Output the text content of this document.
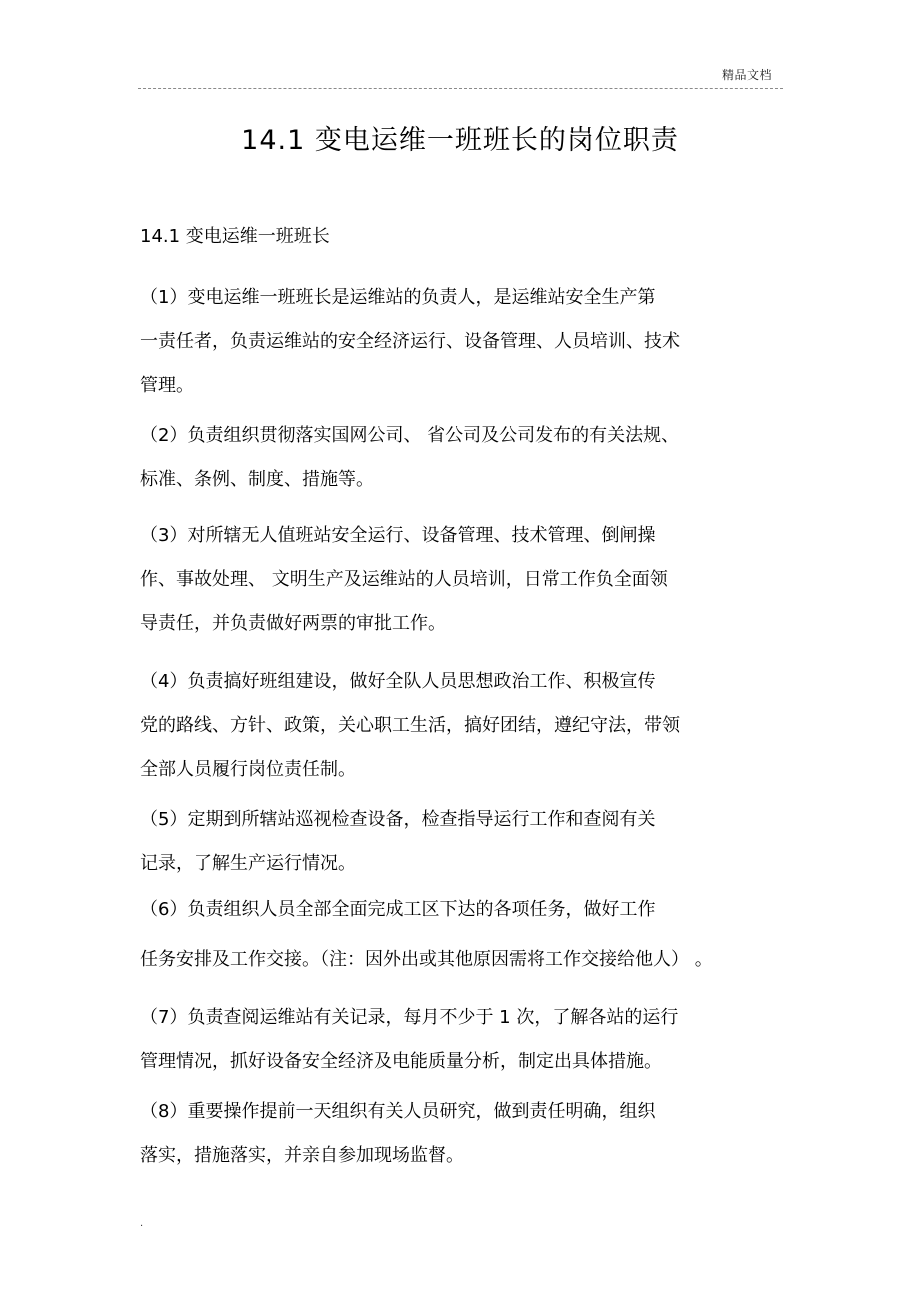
精品文档
14.1 变电运维一班班长的岗位职责
14.1 变电运维一班班长
（1）变电运维一班班长是运维站的负责人，是运维站安全生产第
一责任者，负责运维站的安全经济运行、设备管理、人员培训、技术
管理。
（2）负责组织贯彻落实国网公司、 省公司及公司发布的有关法规、
标准、条例、制度、措施等。
（3）对所辖无人值班站安全运行、设备管理、技术管理、倒闸操
作、事故处理、 文明生产及运维站的人员培训，日常工作负全面领
导责任，并负责做好两票的审批工作。
（4）负责搞好班组建设，做好全队人员思想政治工作、积极宣传
党的路线、方针、政策，关心职工生活，搞好团结，遵纪守法，带领
全部人员履行岗位责任制。
（5）定期到所辖站巡视检查设备，检查指导运行工作和查阅有关
记录，了解生产运行情况。
（6）负责组织人员全部全面完成工区下达的各项任务，做好工作
任务安排及工作交接。（注：因外出或其他原因需将工作交接给他人） 。
（7）负责查阅运维站有关记录，每月不少于 1 次，了解各站的运行
管理情况，抓好设备安全经济及电能质量分析，制定出具体措施。
（8）重要操作提前一天组织有关人员研究，做到责任明确，组织
落实，措施落实，并亲自参加现场监督。
.
